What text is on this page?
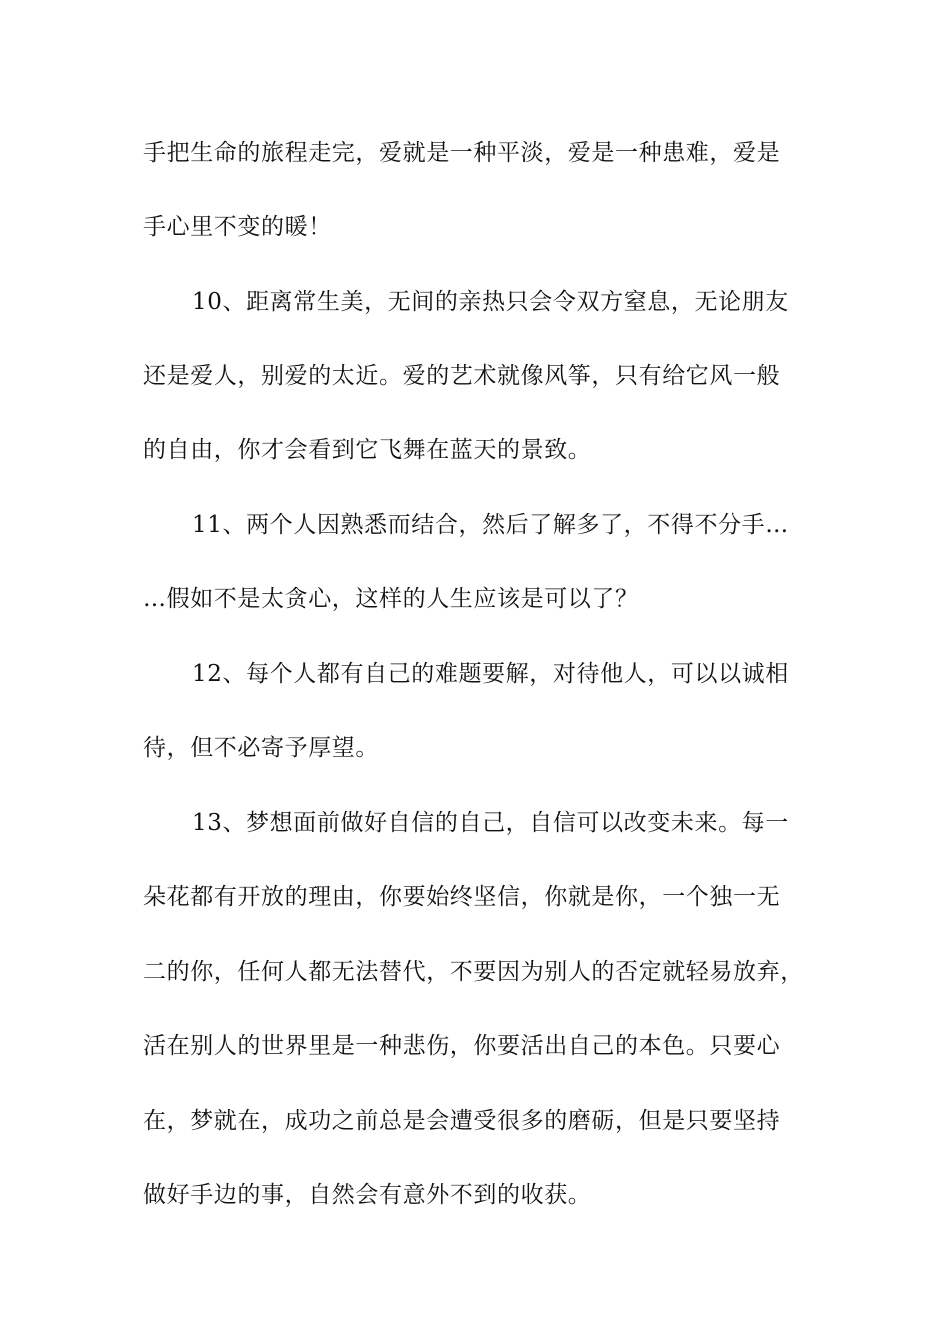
手把生命的旅程走完，爱就是一种平淡，爱是一种患难，爱是
手心里不变的暖！
10、距离常生美，无间的亲热只会令双方窒息，无论朋友
还是爱人，别爱的太近。爱的艺术就像风筝，只有给它风一般
的自由，你才会看到它飞舞在蓝天的景致。
11、两个人因熟悉而结合，然后了解多了，不得不分手…
…假如不是太贪心，这样的人生应该是可以了？
12、每个人都有自己的难题要解，对待他人，可以以诚相
待，但不必寄予厚望。
13、梦想面前做好自信的自己，自信可以改变未来。每一
朵花都有开放的理由，你要始终坚信，你就是你，一个独一无
二的你，任何人都无法替代，不要因为别人的否定就轻易放弃，
活在别人的世界里是一种悲伤，你要活出自己的本色。只要心
在，梦就在，成功之前总是会遭受很多的磨砺，但是只要坚持
做好手边的事，自然会有意外不到的收获。
